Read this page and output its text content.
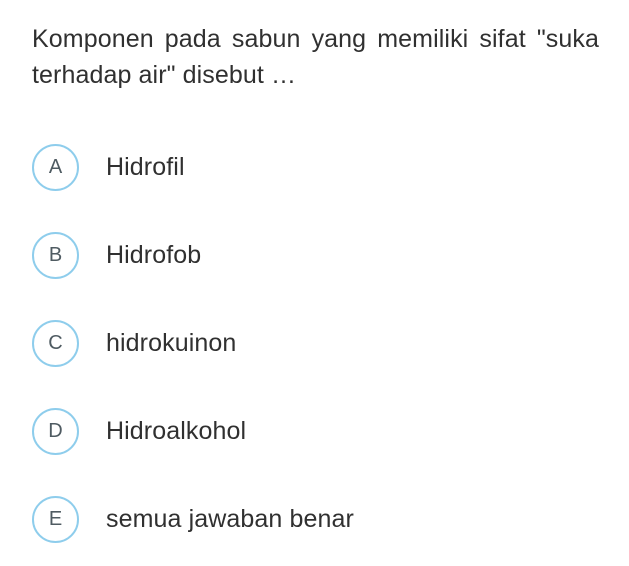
Komponen pada sabun yang memiliki sifat "suka terhadap air" disebut …

A Hidrofil
B Hidrofob
C hidrokuinon
D Hidroalkohol
E semua jawaban benar
